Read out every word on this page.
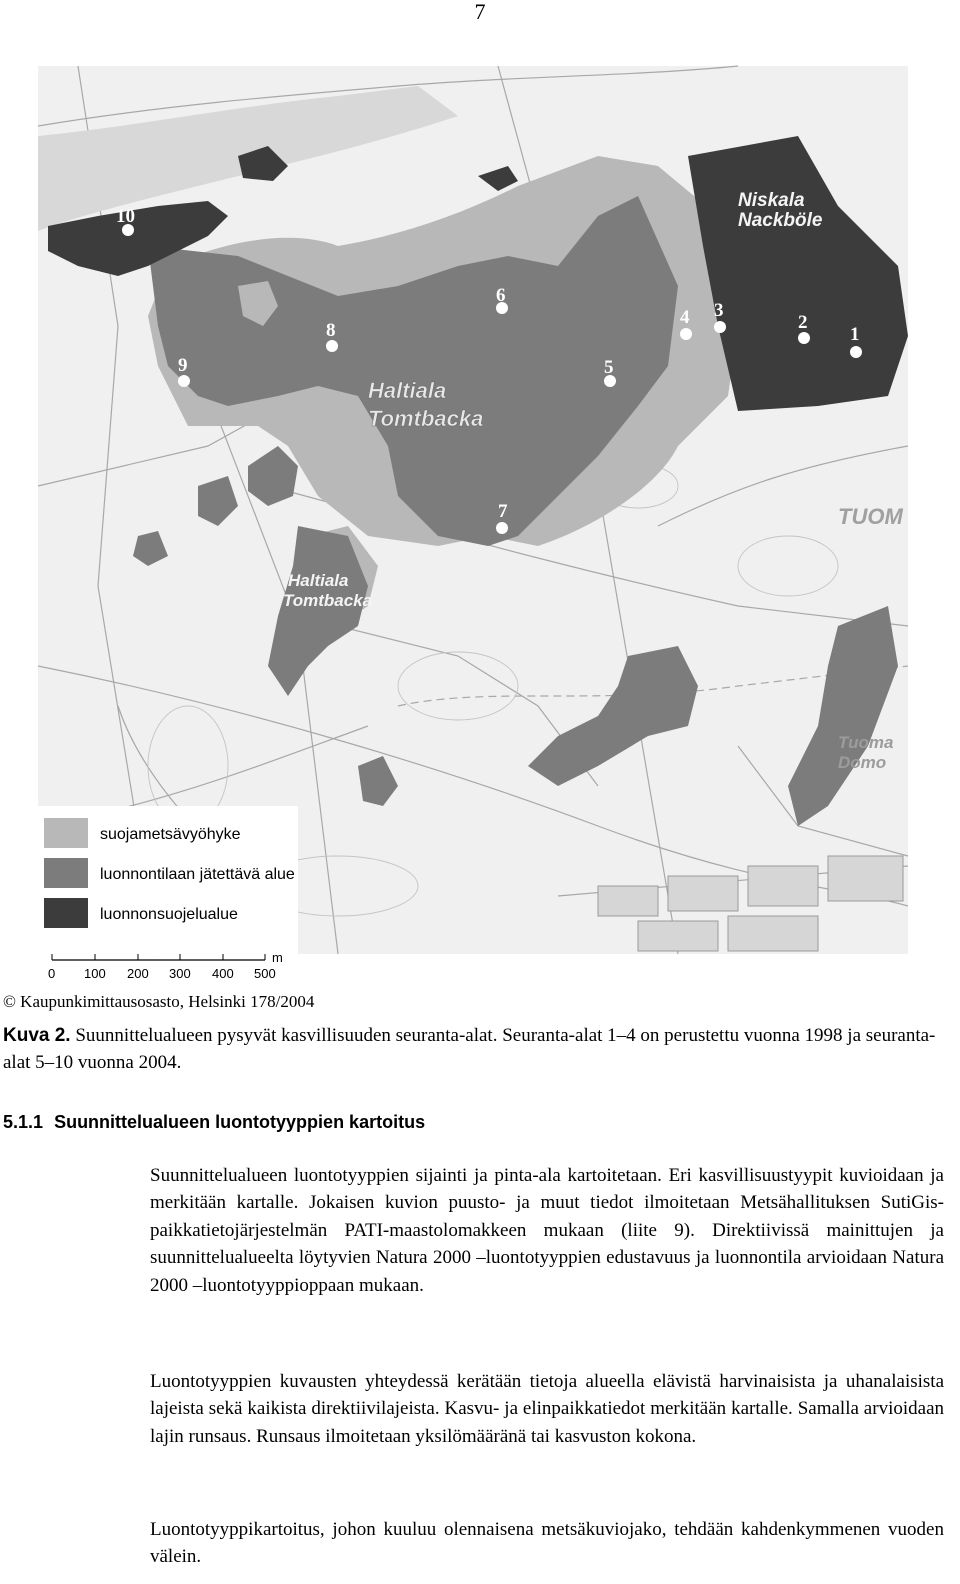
7
Niskala
Nackböle
Haltiala
Tomtbacka
Haltiala
Tomtbacka
TUOM
Tuoma
Domo
1
2
3
4
5
6
7
8
9
10
suojametsävyöhyke
luonnontilaan jätettävä alue
luonnonsuojelualue
m
0 100 200 300 400 500
© Kaupunkimittausosasto, Helsinki 178/2004
Kuva 2. Suunnittelualueen pysyvät kasvillisuuden seuranta-alat. Seuranta-alat 1–4 on perustettu vuonna 1998 ja seuranta-alat 5–10 vuonna 2004.
5.1.1 Suunnittelualueen luontotyyppien kartoitus

Suunnittelualueen luontotyyppien sijainti ja pinta-ala kartoitetaan. Eri kasvillisuustyypit kuvioidaan ja merkitään kartalle. Jokaisen kuvion puusto- ja muut tiedot ilmoitetaan Metsähallituksen SutiGis-paikkatietojärjestelmän PATI-maastolomakkeen mukaan (liite 9). Direktiivissä mainittujen ja suunnittelualueelta löytyvien Natura 2000 –luontotyyppien edustavuus ja luonnontila arvioidaan Natura 2000 –luontotyyppioppaan mukaan.

Luontotyyppien kuvausten yhteydessä kerätään tietoja alueella elävistä harvinaisista ja uhanalaisista lajeista sekä kaikista direktiivilajeista. Kasvu- ja elinpaikkatiedot merkitään kartalle. Samalla arvioidaan lajin runsaus. Runsaus ilmoitetaan yksilömääränä tai kasvuston kokona.

Luontotyyppikartoitus, johon kuuluu olennaisena metsäkuviojako, tehdään kahdenkymmenen vuoden välein.
